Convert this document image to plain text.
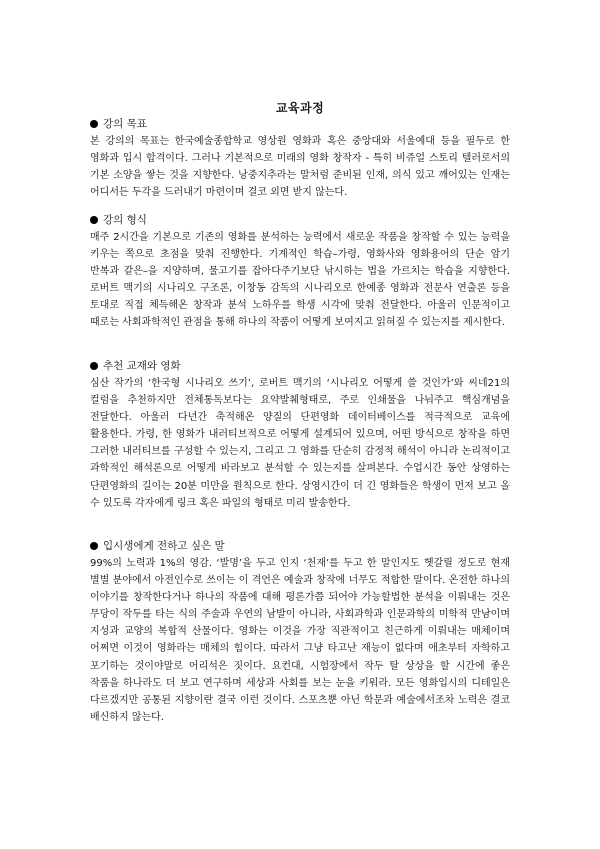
교육과정
강의 목표

본 강의의 목표는 한국예술종합학교 영상원 영화과 혹은 중앙대와 서울예대 등을 필두로 한 영화과 입시 합격이다. 그러나 기본적으로 미래의 영화 창작자 - 특히 비쥬얼 스토리 텔러로서의 기본 소양을 쌓는 것을 지향한다. 낭중지추라는 말처럼 준비된 인재, 의식 있고 깨어있는 인재는 어디서든 두각을 드러내기 마련이며 결코 외면 받지 않는다.

강의 형식

매주 2시간을 기본으로 기존의 영화를 분석하는 능력에서 새로운 작품을 창작할 수 있는 능력을 키우는 쪽으로 초점을 맞춰 진행한다. 기계적인 학습–가령, 영화사와 영화용어의 단순 암기 반복과 같은–을 지양하며, 물고기를 잡아다주기보단 낚시하는 법을 가르치는 학습을 지향한다. 로버트 맥기의 시나리오 구조론, 이창동 감독의 시나리오로 한예종 영화과 전문사 연출론 등을 토대로 직접 체득해온 창작과 분석 노하우를 학생 시각에 맞춰 전달한다. 아울러 인문적이고 때로는 사회과학적인 관점을 통해 하나의 작품이 어떻게 보여지고 읽혀질 수 있는지를 제시한다.

추천 교재와 영화

심산 작가의 ‘한국형 시나리오 쓰기’, 로버트 맥기의 ‘시나리오 어떻게 쓸 것인가’와 씨네21의 컬럼을 추천하지만 전체통독보다는 요약발췌형태로, 주로 인쇄물을 나눠주고 핵심개념을 전달한다. 아울러 다년간 축적해온 양질의 단편영화 데이터베이스를 적극적으로 교육에 활용한다. 가령, 한 영화가 내러티브적으로 어떻게 설계되어 있으며, 어떤 방식으로 창작을 하면 그러한 내러티브를 구성할 수 있는지, 그리고 그 영화를 단순히 감정적 해석이 아니라 논리적이고 과학적인 해석론으로 어떻게 바라보고 분석할 수 있는지를 살펴본다. 수업시간 동안 상영하는 단편영화의 길이는 20분 미만을 원칙으로 한다. 상영시간이 더 긴 영화들은 학생이 먼저 보고 올 수 있도록 각자에게 링크 혹은 파일의 형태로 미리 발송한다.

입시생에게 전하고 싶은 말

99%의 노력과 1%의 영감. ‘발명’을 두고 인지 ‘천재’를 두고 한 말인지도 헷갈릴 정도로 현재 별별 분야에서 아전인수로 쓰이는 이 격언은 예술과 창작에 너무도 적합한 말이다. 온전한 하나의 이야기를 창작한다거나 하나의 작품에 대해 평론가쯤 되어야 가능할법한 분석을 이뤄내는 것은 무당이 작두를 타는 식의 주술과 우연의 남발이 아니라, 사회과학과 인문과학의 미학적 만남이며 지성과 교양의 복합적 산물이다. 영화는 이것을 가장 직관적이고 친근하게 이뤄내는 매체이며 어쩌면 이것이 영화라는 매체의 힘이다. 따라서 그냥 타고난 재능이 없다며 애초부터 자학하고 포기하는 것이야말로 어리석은 짓이다. 요컨대, 시험장에서 작두 탈 상상을 할 시간에 좋은 작품을 하나라도 더 보고 연구하며 세상과 사회를 보는 눈을 키워라. 모든 영화입시의 디테일은 다르겠지만 공통된 지향이란 결국 이런 것이다. 스포츠뿐 아닌 학문과 예술에서조차 노력은 결코 배신하지 않는다.
